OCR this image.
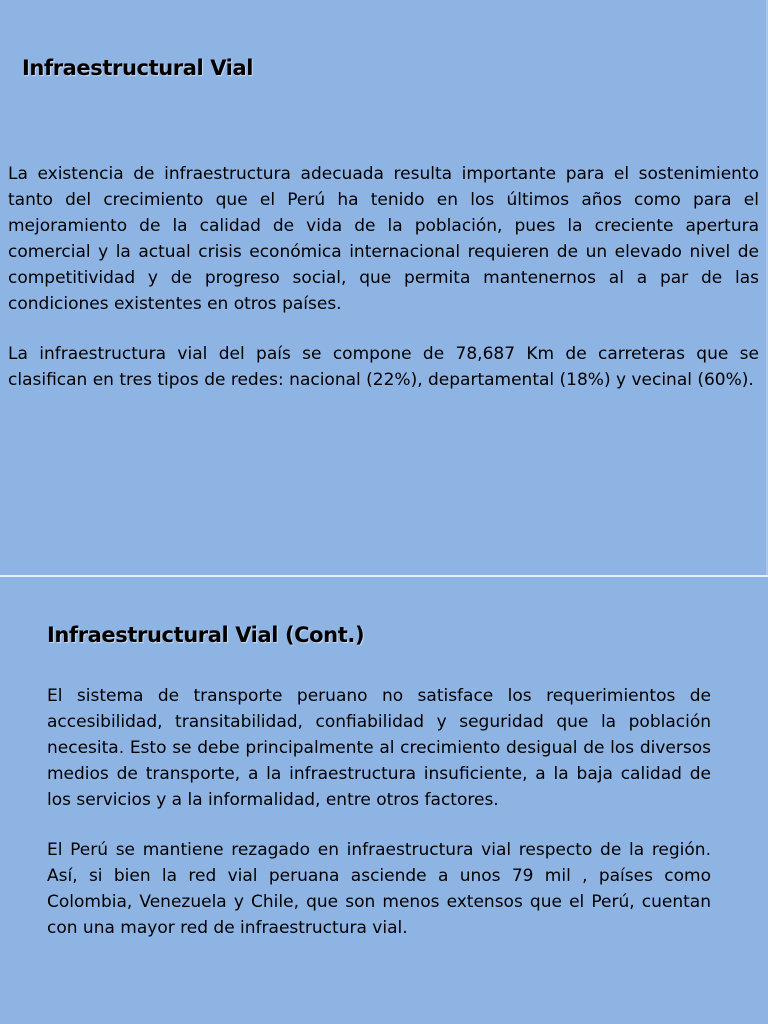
Infraestructural Vial

La existencia de infraestructura adecuada resulta importante para el sostenimiento tanto del crecimiento que el Perú ha tenido en los últimos años como para el mejoramiento de la calidad de vida de la población, pues la creciente apertura comercial y la actual crisis económica internacional requieren de un elevado nivel de competitividad y de progreso social, que permita mantenernos al a par de las condiciones existentes en otros países.

La infraestructura vial del país se compone de 78,687 Km de carreteras que se clasifican en tres tipos de redes: nacional (22%), departamental (18%) y vecinal (60%).

Infraestructural Vial (Cont.)

El sistema de transporte peruano no satisface los requerimientos de accesibilidad, transitabilidad, confiabilidad y seguridad que la población necesita. Esto se debe principalmente al crecimiento desigual de los diversos medios de transporte, a la infraestructura insuficiente, a la baja calidad de los servicios y a la informalidad, entre otros factores.

El Perú se mantiene rezagado en infraestructura vial respecto de la región. Así, si bien la red vial peruana asciende a unos 79 mil , países como Colombia, Venezuela y Chile, que son menos extensos que el Perú, cuentan con una mayor red de infraestructura vial.
